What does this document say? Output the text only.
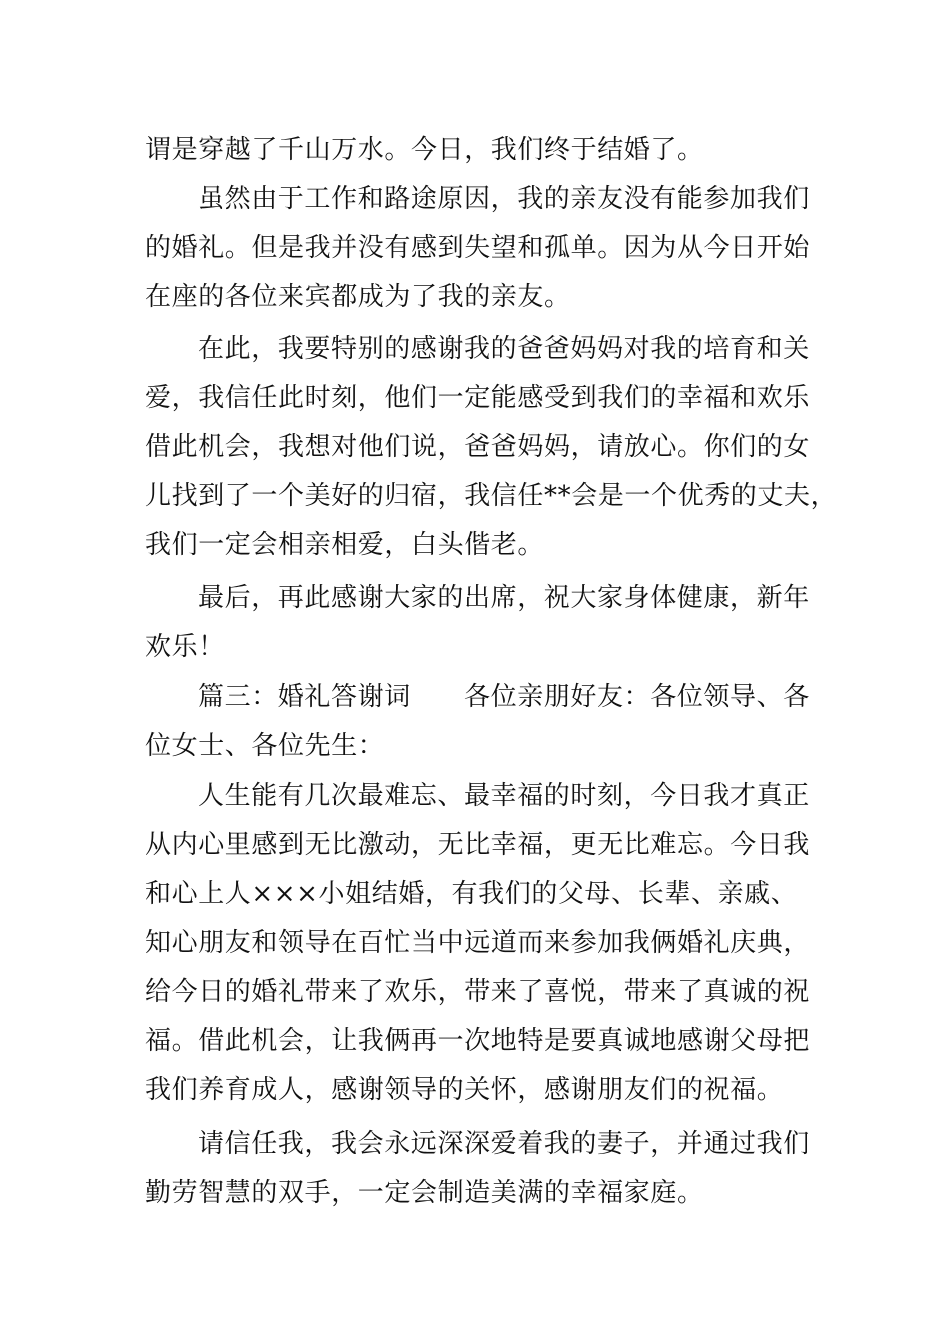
谓是穿越了千山万水。今日，我们终于结婚了。
虽然由于工作和路途原因，我的亲友没有能参加我们
的婚礼。但是我并没有感到失望和孤单。因为从今日开始
在座的各位来宾都成为了我的亲友。
在此，我要特别的感谢我的爸爸妈妈对我的培育和关
爱，我信任此时刻，他们一定能感受到我们的幸福和欢乐
借此机会，我想对他们说，爸爸妈妈，请放心。你们的女
儿找到了一个美好的归宿，我信任**会是一个优秀的丈夫，
我们一定会相亲相爱，白头偕老。
最后，再此感谢大家的出席，祝大家身体健康，新年
欢乐！
篇三：婚礼答谢词　　各位亲朋好友：各位领导、各
位女士、各位先生：
人生能有几次最难忘、最幸福的时刻，今日我才真正
从内心里感到无比激动，无比幸福，更无比难忘。今日我
和心上人×××小姐结婚，有我们的父母、长辈、亲戚、
知心朋友和领导在百忙当中远道而来参加我俩婚礼庆典，
给今日的婚礼带来了欢乐，带来了喜悦，带来了真诚的祝
福。借此机会，让我俩再一次地特是要真诚地感谢父母把
我们养育成人，感谢领导的关怀，感谢朋友们的祝福。
请信任我，我会永远深深爱着我的妻子，并通过我们
勤劳智慧的双手，一定会制造美满的幸福家庭。
